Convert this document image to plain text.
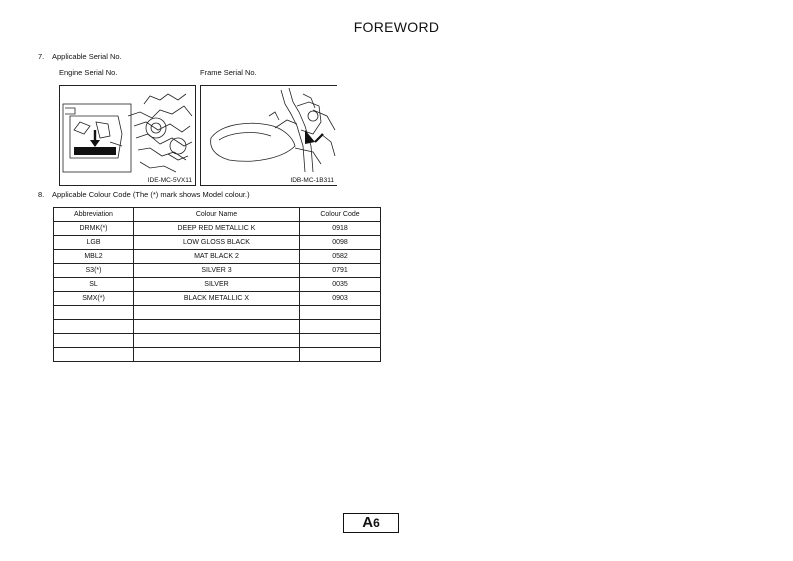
FOREWORD
7. Applicable Serial No.
Engine Serial No.	Frame Serial No.
IDE-MC-5VX11	IDB-MC-1B311
8. Applicable Colour Code (The (*) mark shows Model colour.)
Abbreviation	Colour Name	Colour Code
DRMK(*)	DEEP RED METALLIC K	0918
LGB	LOW GLOSS BLACK	0098
MBL2	MAT BLACK 2	0582
S3(*)	SILVER 3	0791
SL	SILVER	0035
SMX(*)	BLACK METALLIC X	0903

A6
